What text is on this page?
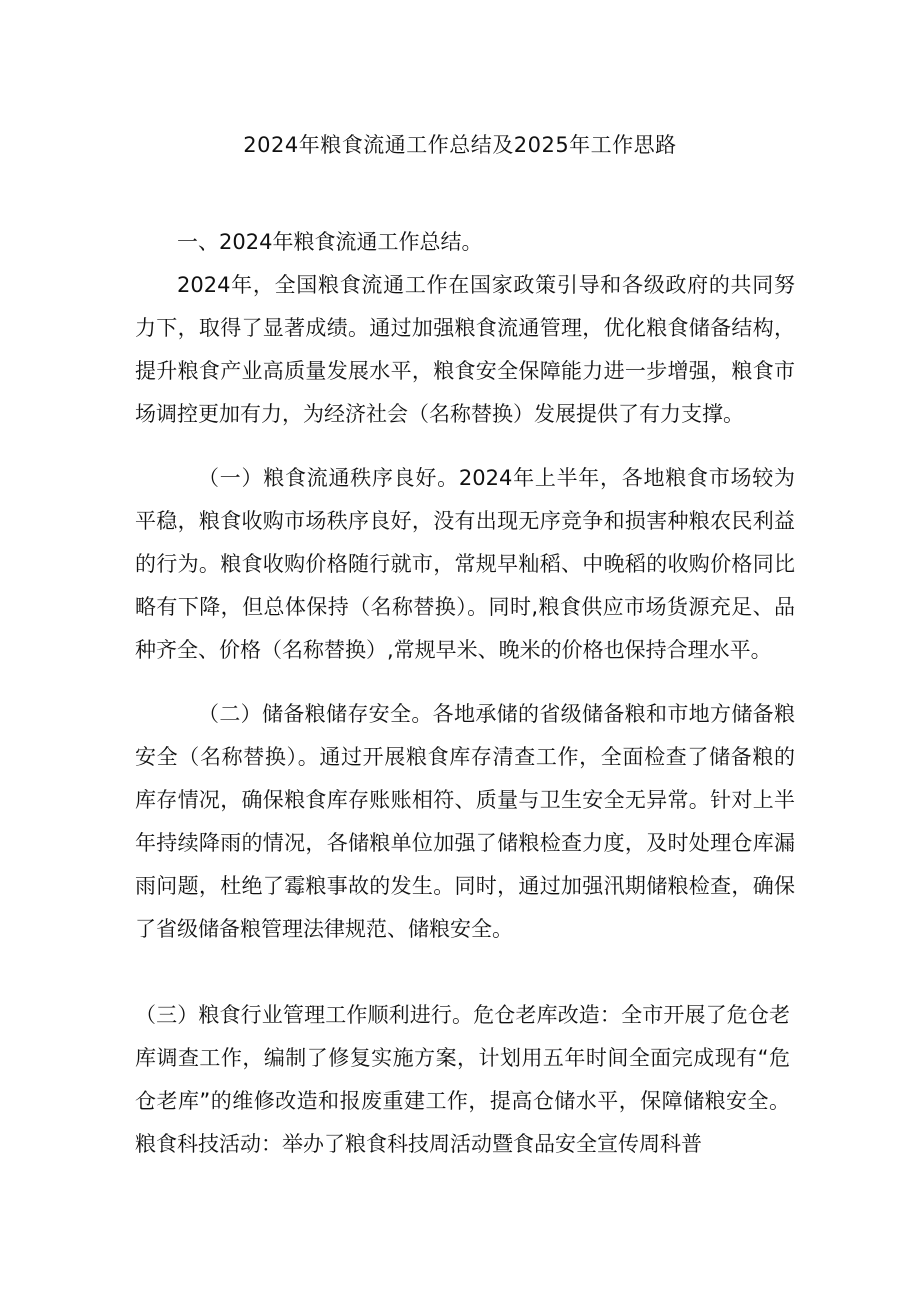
2024年粮食流通工作总结及2025年工作思路

一、2024年粮食流通工作总结。

2024年，全国粮食流通工作在国家政策引导和各级政府的共同努力下，取得了显著成绩。通过加强粮食流通管理，优化粮食储备结构，提升粮食产业高质量发展水平，粮食安全保障能力进一步增强，粮食市场调控更加有力，为经济社会（名称替换）发展提供了有力支撑。

（一）粮食流通秩序良好。2024年上半年，各地粮食市场较为平稳，粮食收购市场秩序良好，没有出现无序竞争和损害种粮农民利益的行为。粮食收购价格随行就市，常规早籼稻、中晚稻的收购价格同比略有下降，但总体保持（名称替换）。同时,粮食供应市场货源充足、品种齐全、价格（名称替换）,常规早米、晚米的价格也保持合理水平。

（二）储备粮储存安全。各地承储的省级储备粮和市地方储备粮安全（名称替换）。通过开展粮食库存清查工作，全面检查了储备粮的库存情况，确保粮食库存账账相符、质量与卫生安全无异常。针对上半年持续降雨的情况，各储粮单位加强了储粮检查力度，及时处理仓库漏雨问题，杜绝了霉粮事故的发生。同时，通过加强汛期储粮检查，确保了省级储备粮管理法律规范、储粮安全。

（三）粮食行业管理工作顺利进行。危仓老库改造：全市开展了危仓老库调查工作，编制了修复实施方案，计划用五年时间全面完成现有“危仓老库”的维修改造和报废重建工作，提高仓储水平，保障储粮安全。粮食科技活动：举办了粮食科技周活动暨食品安全宣传周科普
